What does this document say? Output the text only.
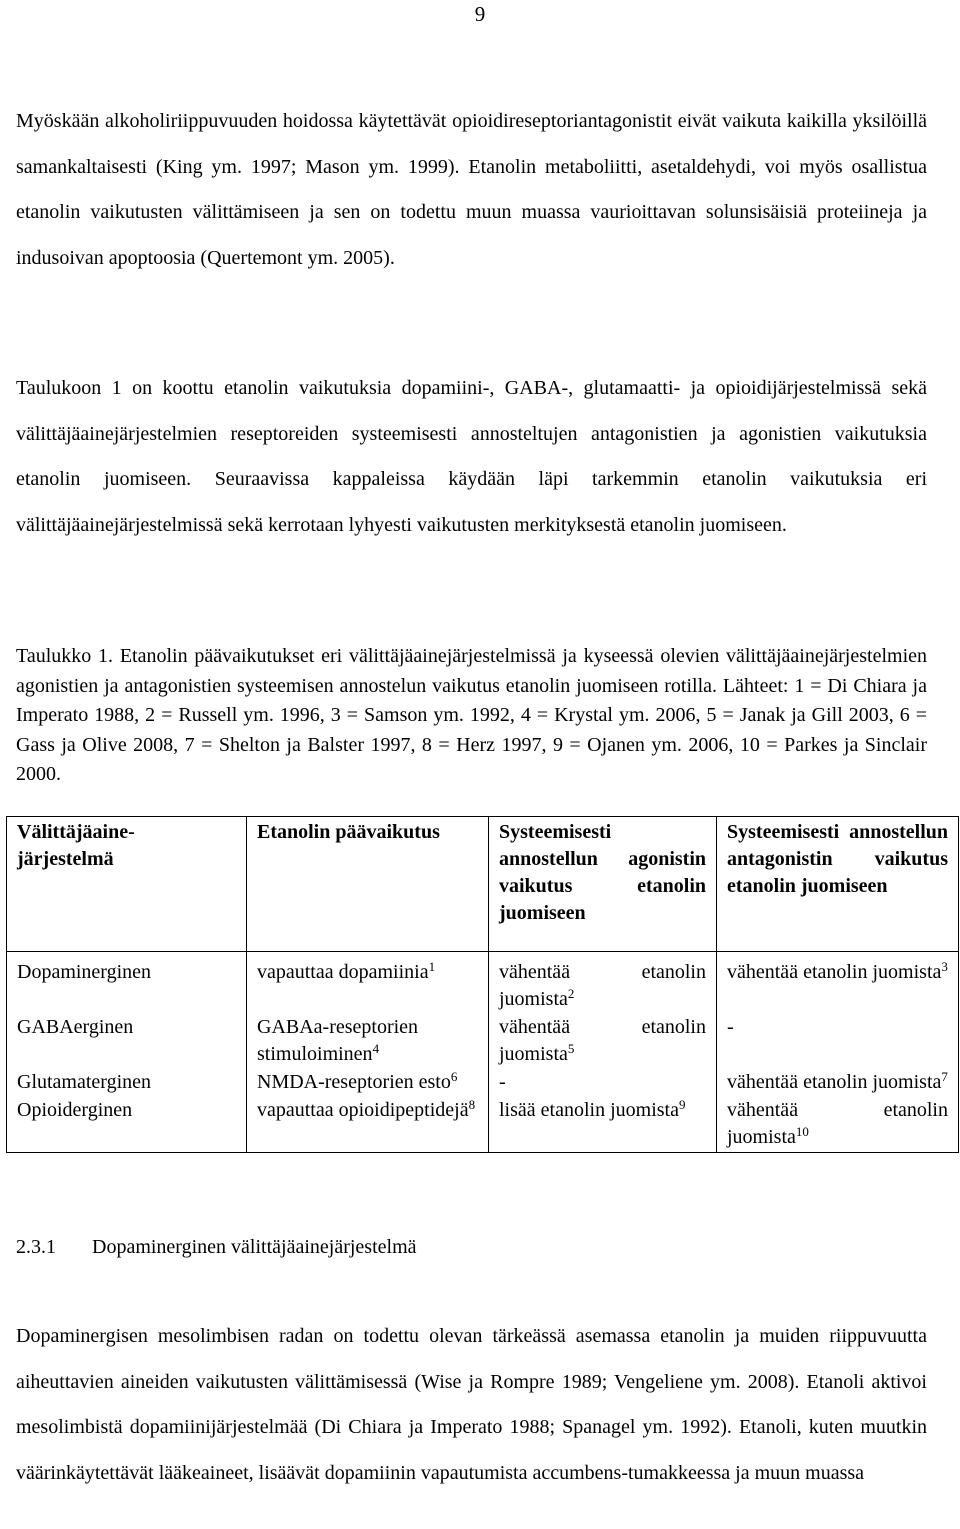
9

Myöskään alkoholiriippuvuuden hoidossa käytettävät opioidireseptoriantagonistit eivät vaikuta kaikilla yksilöillä samankaltaisesti (King ym. 1997; Mason ym. 1999). Etanolin metaboliitti, asetaldehydi, voi myös osallistua etanolin vaikutusten välittämiseen ja sen on todettu muun muassa vaurioittavan solunsisäisiä proteiineja ja indusoivan apoptoosia (Quertemont ym. 2005).

Taulukoon 1 on koottu etanolin vaikutuksia dopamiini-, GABA-, glutamaatti- ja opioidijärjestelmissä sekä välittäjäainejärjestelmien reseptoreiden systeemisesti annosteltujen antagonistien ja agonistien vaikutuksia etanolin juomiseen. Seuraavissa kappaleissa käydään läpi tarkemmin etanolin vaikutuksia eri välittäjäainejärjestelmissä sekä kerrotaan lyhyesti vaikutusten merkityksestä etanolin juomiseen.

Taulukko 1. Etanolin päävaikutukset eri välittäjäainejärjestelmissä ja kyseessä olevien välittäjäainejärjestelmien agonistien ja antagonistien systeemisen annostelun vaikutus etanolin juomiseen rotilla. Lähteet: 1 = Di Chiara ja Imperato 1988, 2 = Russell ym. 1996, 3 = Samson ym. 1992, 4 = Krystal ym. 2006, 5 = Janak ja Gill 2003, 6 = Gass ja Olive 2008, 7 = Shelton ja Balster 1997, 8 = Herz 1997, 9 = Ojanen ym. 2006, 10 = Parkes ja Sinclair 2000.

Välittäjäaine-
järjestelmä	Etanolin päävaikutus	Systeemisesti annostellun agonistin vaikutus etanolin juomiseen	Systeemisesti annostellun antagonistin vaikutus etanolin juomiseen
Dopaminerginen	vapauttaa dopamiinia$^1$	vähentää etanolin juomista$^2$	vähentää etanolin juomista$^3$
GABAerginen	GABAa-reseptorien stimuloiminen$^4$	vähentää etanolin juomista$^5$	-
Glutamaterginen	NMDA-reseptorien esto$^6$	-	vähentää etanolin juomista$^7$
Opioiderginen	vapauttaa opioidipeptidejä$^8$	lisää etanolin juomista$^9$	vähentää etanolin juomista$^{10}$
2.3.1 Dopaminerginen välittäjäainejärjestelmä

Dopaminergisen mesolimbisen radan on todettu olevan tärkeässä asemassa etanolin ja muiden riippuvuutta aiheuttavien aineiden vaikutusten välittämisessä (Wise ja Rompre 1989; Vengeliene ym. 2008). Etanoli aktivoi mesolimbistä dopamiinijärjestelmää (Di Chiara ja Imperato 1988; Spanagel ym. 1992). Etanoli, kuten muutkin väärinkäytettävät lääkeaineet, lisäävät dopamiinin vapautumista accumbens-tumakkeessa ja muun muassa
